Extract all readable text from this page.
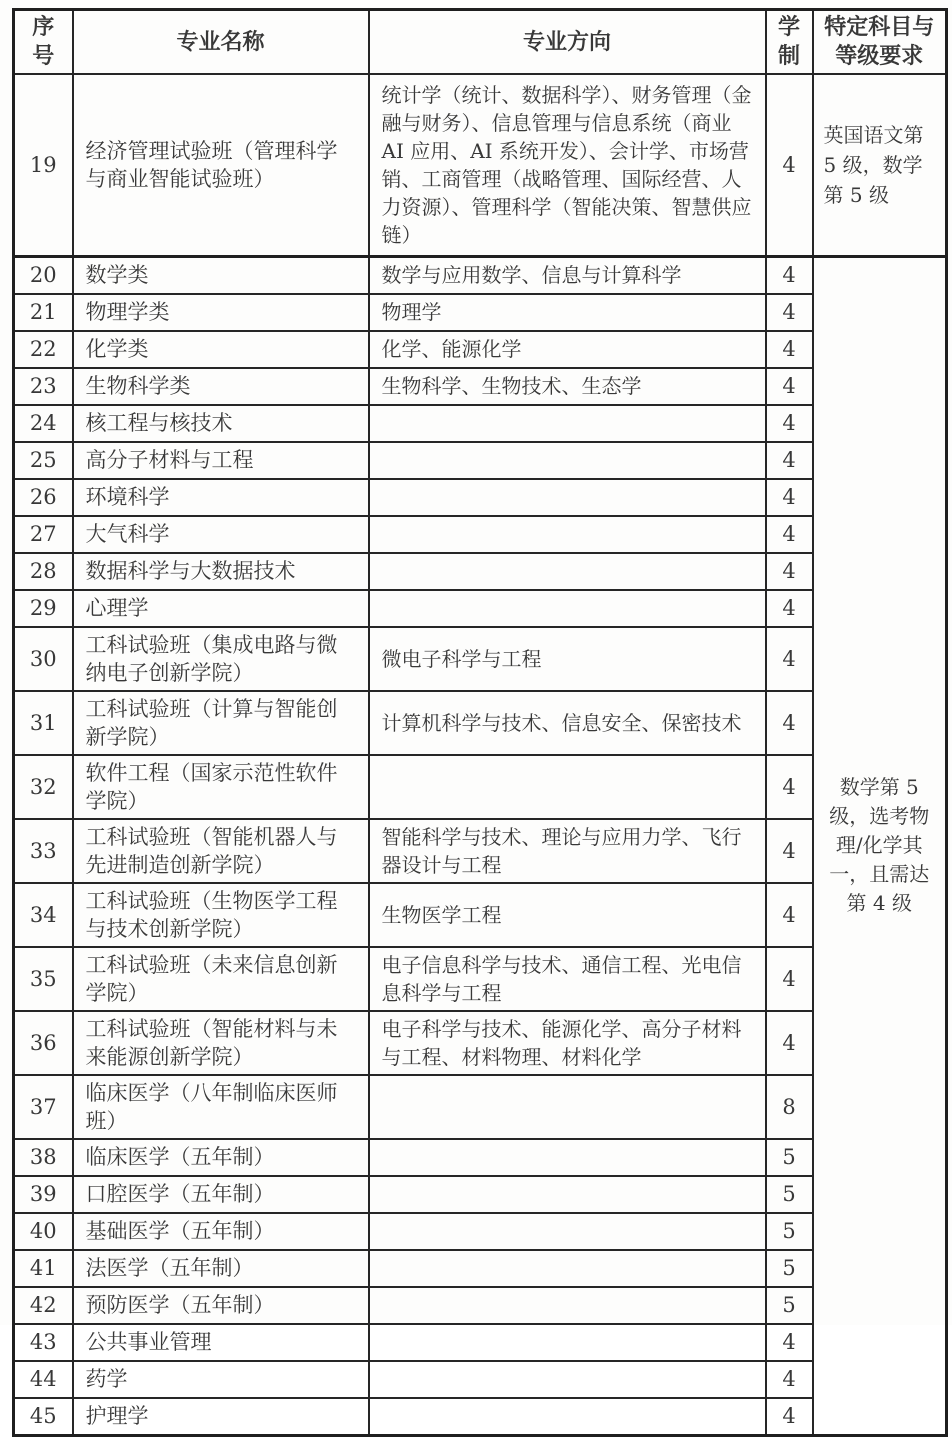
序号	专业名称	专业方向	学制	特定科目与等级要求
19	经济管理试验班（管理科学与商业智能试验班）	统计学（统计、数据科学）、财务管理（金融与财务）、信息管理与信息系统（商业 AI 应用、AI 系统开发）、会计学、市场营销、工商管理（战略管理、国际经营、人力资源）、管理科学（智能决策、智慧供应链）	4	英国语文第 5 级，数学第 5 级
20	数学类	数学与应用数学、信息与计算科学	4	数学第 5 级，选考物理/化学其一，且需达第 4 级
21	物理学类	物理学	4	
22	化学类	化学、能源化学	4	
23	生物科学类	生物科学、生物技术、生态学	4	
24	核工程与核技术		4	
25	高分子材料与工程		4	
26	环境科学		4	
27	大气科学		4	
28	数据科学与大数据技术		4	
29	心理学		4	
30	工科试验班（集成电路与微纳电子创新学院）	微电子科学与工程	4	
31	工科试验班（计算与智能创新学院）	计算机科学与技术、信息安全、保密技术	4	
32	软件工程（国家示范性软件学院）		4	
33	工科试验班（智能机器人与先进制造创新学院）	智能科学与技术、理论与应用力学、飞行器设计与工程	4	
34	工科试验班（生物医学工程与技术创新学院）	生物医学工程	4	
35	工科试验班（未来信息创新学院）	电子信息科学与技术、通信工程、光电信息科学与工程	4	
36	工科试验班（智能材料与未来能源创新学院）	电子科学与技术、能源化学、高分子材料与工程、材料物理、材料化学	4	
37	临床医学（八年制临床医师班）		8	
38	临床医学（五年制）		5	
39	口腔医学（五年制）		5	
40	基础医学（五年制）		5	
41	法医学（五年制）		5	
42	预防医学（五年制）		5	
43	公共事业管理		4	
44	药学		4	
45	护理学		4	
